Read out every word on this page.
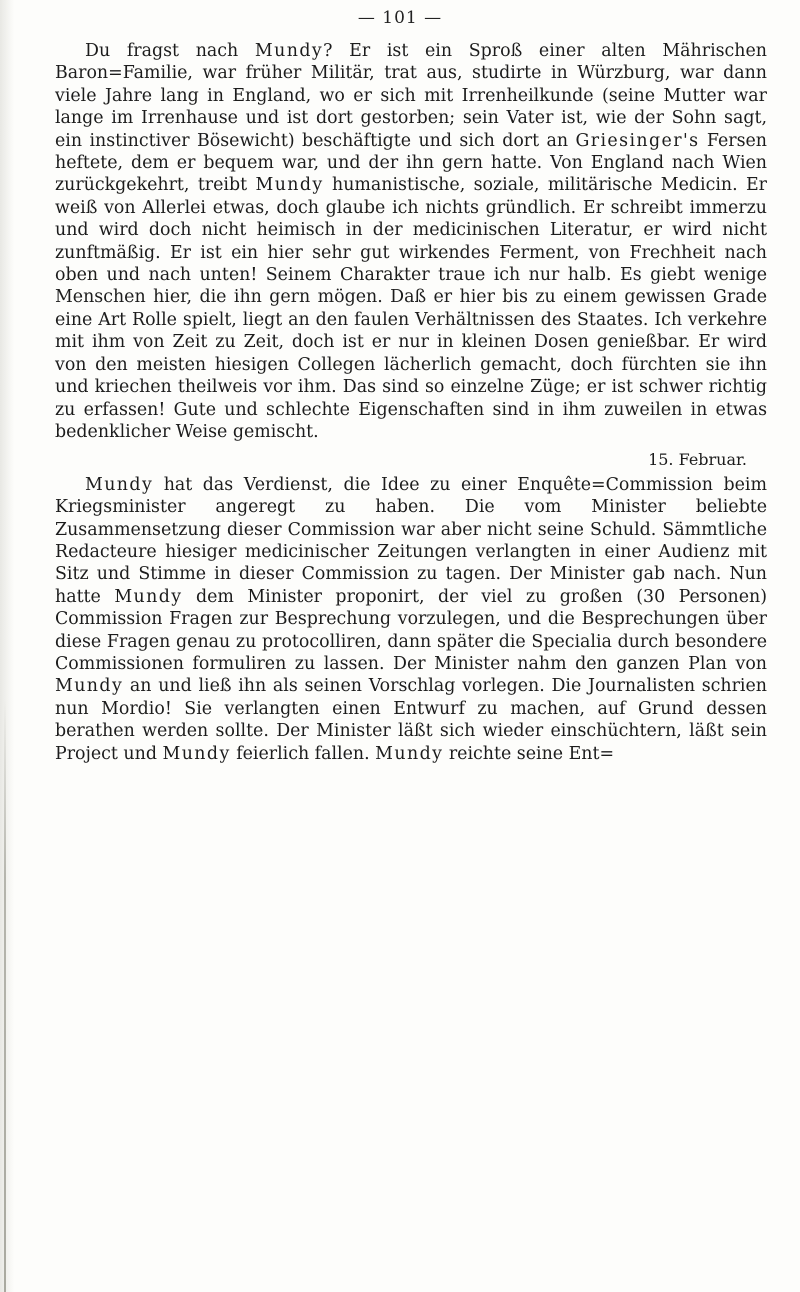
— 101 —

Du fragst nach Mundy? Er ist ein Sproß einer alten Mährischen Baron=Familie, war früher Militär, trat aus, studirte in Würzburg, war dann viele Jahre lang in England, wo er sich mit Irrenheilkunde (seine Mutter war lange im Irrenhause und ist dort gestorben; sein Vater ist, wie der Sohn sagt, ein instinctiver Bösewicht) beschäftigte und sich dort an Griesinger's Fersen heftete, dem er bequem war, und der ihn gern hatte. Von England nach Wien zurückgekehrt, treibt Mundy humanistische, soziale, militärische Medicin. Er weiß von Allerlei etwas, doch glaube ich nichts gründlich. Er schreibt immerzu und wird doch nicht heimisch in der medicinischen Literatur, er wird nicht zunftmäßig. Er ist ein hier sehr gut wirkendes Ferment, von Frechheit nach oben und nach unten! Seinem Charakter traue ich nur halb. Es giebt wenige Menschen hier, die ihn gern mögen. Daß er hier bis zu einem gewissen Grade eine Art Rolle spielt, liegt an den faulen Verhältnissen des Staates. Ich verkehre mit ihm von Zeit zu Zeit, doch ist er nur in kleinen Dosen genießbar. Er wird von den meisten hiesigen Collegen lächerlich gemacht, doch fürchten sie ihn und kriechen theilweis vor ihm. Das sind so einzelne Züge; er ist schwer richtig zu erfassen! Gute und schlechte Eigenschaften sind in ihm zuweilen in etwas bedenklicher Weise gemischt.

15. Februar.

Mundy hat das Verdienst, die Idee zu einer Enquête=Commission beim Kriegsminister angeregt zu haben. Die vom Minister beliebte Zusammensetzung dieser Commission war aber nicht seine Schuld. Sämmtliche Redacteure hiesiger medicinischer Zeitungen verlangten in einer Audienz mit Sitz und Stimme in dieser Commission zu tagen. Der Minister gab nach. Nun hatte Mundy dem Minister proponirt, der viel zu großen (30 Personen) Commission Fragen zur Besprechung vorzulegen, und die Besprechungen über diese Fragen genau zu protocolliren, dann später die Specialia durch besondere Commissionen formuliren zu lassen. Der Minister nahm den ganzen Plan von Mundy an und ließ ihn als seinen Vorschlag vorlegen. Die Journalisten schrien nun Mordio! Sie verlangten einen Entwurf zu machen, auf Grund dessen berathen werden sollte. Der Minister läßt sich wieder einschüchtern, läßt sein Project und Mundy feierlich fallen. Mundy reichte seine Ent=
